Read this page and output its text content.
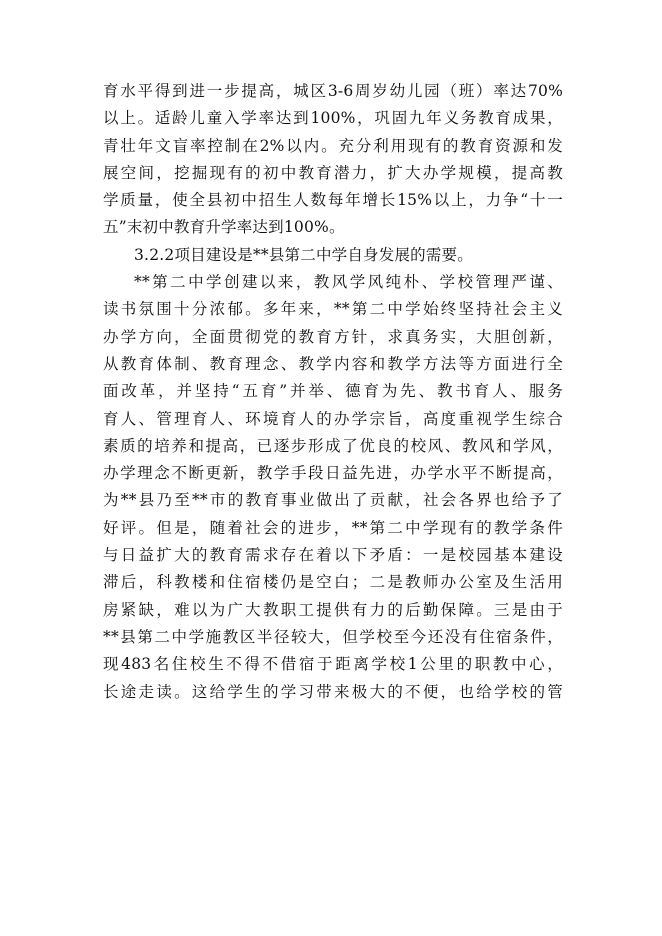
育水平得到进一步提高，城区3-6周岁幼儿园（班）率达70%
以上。适龄儿童入学率达到100%，巩固九年义务教育成果，
青壮年文盲率控制在2%以内。充分利用现有的教育资源和发
展空间，挖掘现有的初中教育潜力，扩大办学规模，提高教
学质量，使全县初中招生人数每年增长15%以上，力争“十一
五”末初中教育升学率达到100%。
3.2.2项目建设是**县第二中学自身发展的需要。
**第二中学创建以来，教风学风纯朴、学校管理严谨、
读书氛围十分浓郁。多年来，**第二中学始终坚持社会主义
办学方向，全面贯彻党的教育方针，求真务实，大胆创新，
从教育体制、教育理念、教学内容和教学方法等方面进行全
面改革，并坚持“五育”并举、德育为先、教书育人、服务
育人、管理育人、环境育人的办学宗旨，高度重视学生综合
素质的培养和提高，已逐步形成了优良的校风、教风和学风，
办学理念不断更新，教学手段日益先进，办学水平不断提高，
为**县乃至**市的教育事业做出了贡献，社会各界也给予了
好评。但是，随着社会的进步，**第二中学现有的教学条件
与日益扩大的教育需求存在着以下矛盾：一是校园基本建设
滞后，科教楼和住宿楼仍是空白；二是教师办公室及生活用
房紧缺，难以为广大教职工提供有力的后勤保障。三是由于
**县第二中学施教区半径较大，但学校至今还没有住宿条件，
现483名住校生不得不借宿于距离学校1公里的职教中心，
长途走读。这给学生的学习带来极大的不便，也给学校的管
